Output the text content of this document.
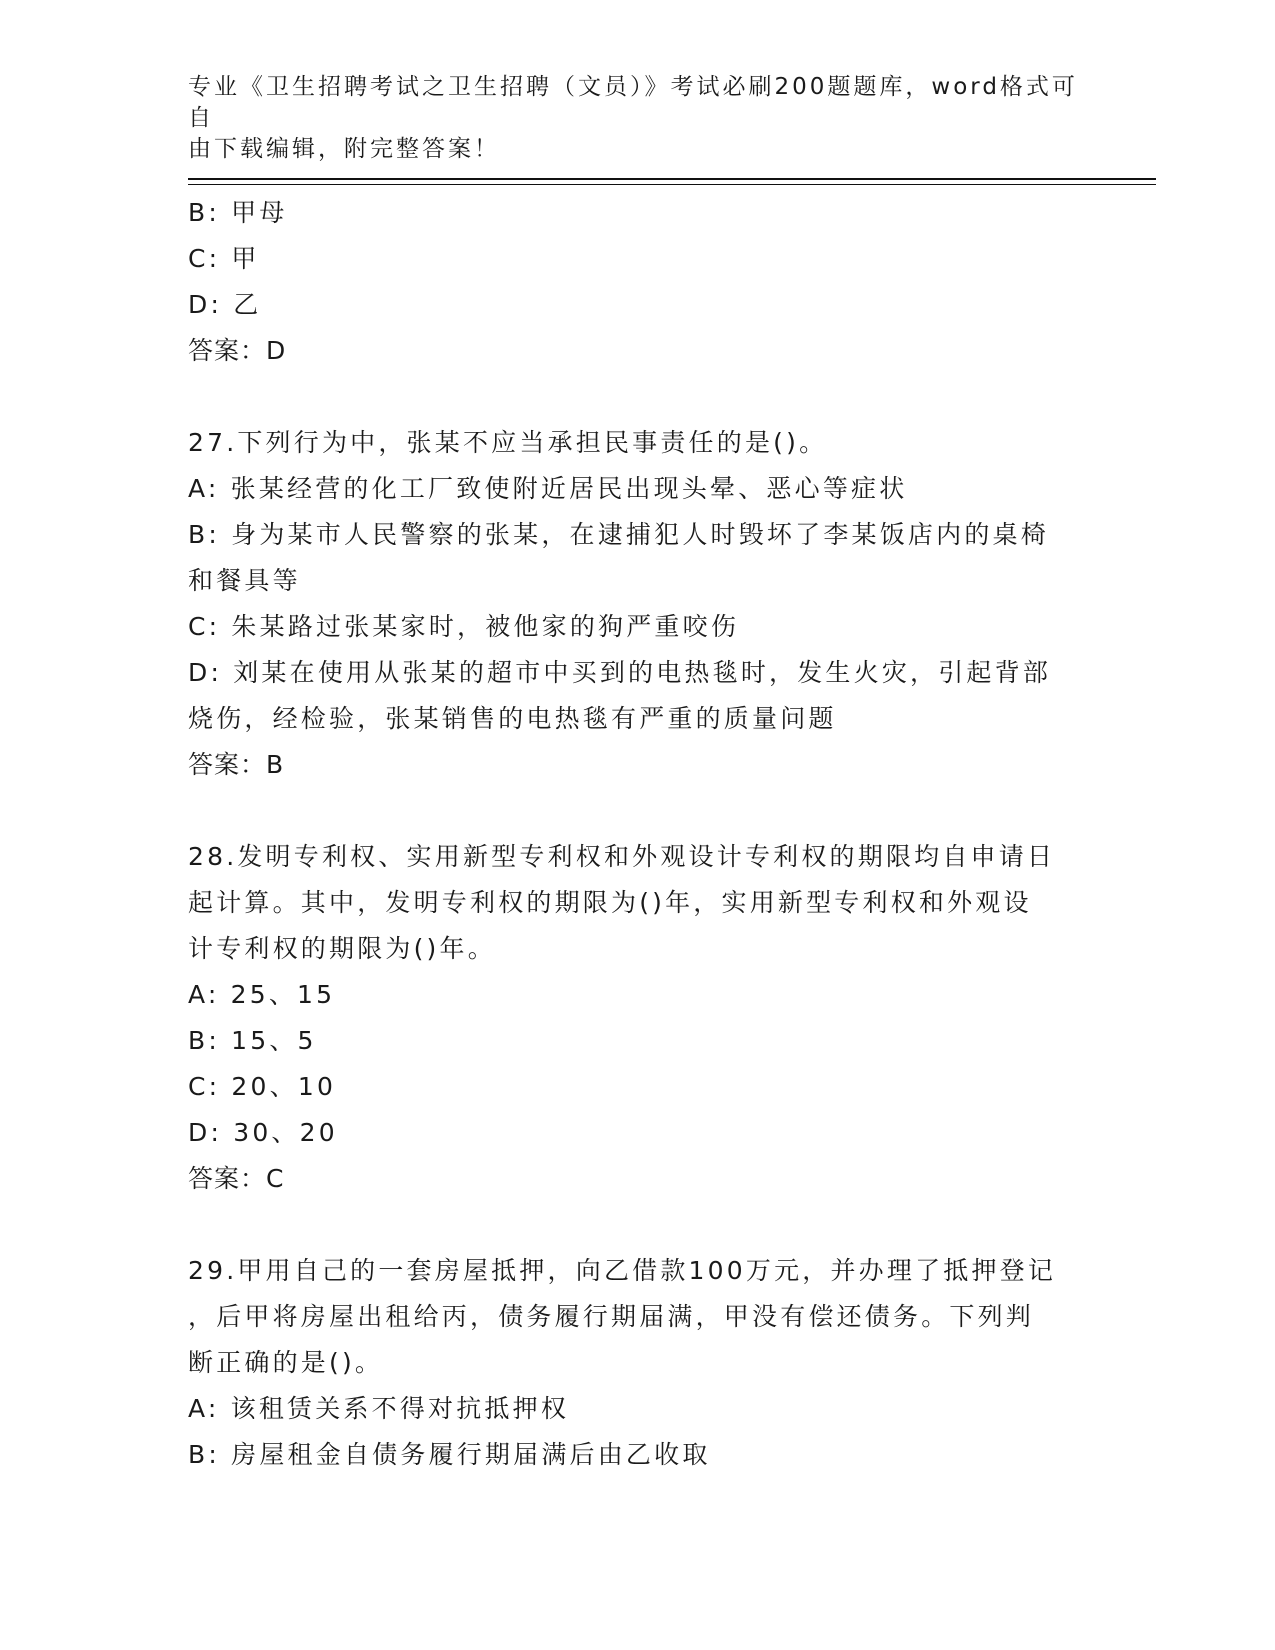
专业《卫生招聘考试之卫生招聘（文员）》考试必刷200题题库，word格式可自
由下载编辑，附完整答案！
B: 甲母
C: 甲
D: 乙
答案：D
27.下列行为中，张某不应当承担民事责任的是()。
A: 张某经营的化工厂致使附近居民出现头晕、恶心等症状
B: 身为某市人民警察的张某，在逮捕犯人时毁坏了李某饭店内的桌椅
和餐具等
C: 朱某路过张某家时，被他家的狗严重咬伤
D: 刘某在使用从张某的超市中买到的电热毯时，发生火灾，引起背部
烧伤，经检验，张某销售的电热毯有严重的质量问题
答案：B
28.发明专利权、实用新型专利权和外观设计专利权的期限均自申请日
起计算。其中，发明专利权的期限为()年，实用新型专利权和外观设
计专利权的期限为()年。
A: 25、15
B: 15、5
C: 20、10
D: 30、20
答案：C
29.甲用自己的一套房屋抵押，向乙借款100万元，并办理了抵押登记
，后甲将房屋出租给丙，债务履行期届满，甲没有偿还债务。下列判
断正确的是()。
A: 该租赁关系不得对抗抵押权
B: 房屋租金自债务履行期届满后由乙收取
